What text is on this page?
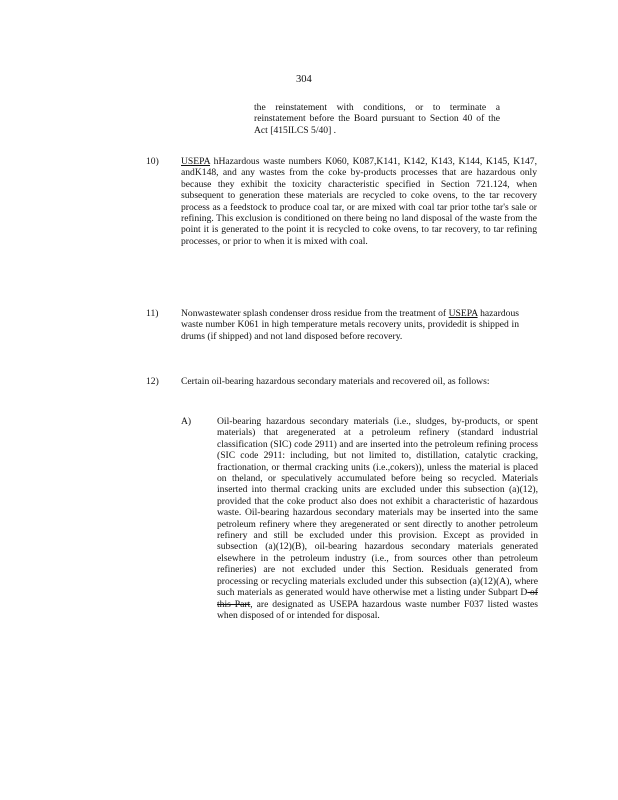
304

the reinstatement with conditions, or to terminate a reinstatement before the Board pursuant to Section 40 of the Act [415ILCS 5/40] .

10) USEPA hHazardous waste numbers K060, K087,K141, K142, K143, K144, K145, K147, andK148, and any wastes from the coke by-products processes that are hazardous only because they exhibit the toxicity characteristic specified in Section 721.124, when subsequent to generation these materials are recycled to coke ovens, to the tar recovery process as a feedstock to produce coal tar, or are mixed with coal tar prior tothe tar's sale or refining. This exclusion is conditioned on there being no land disposal of the waste from the point it is generated to the point it is recycled to coke ovens, to tar recovery, to tar refining processes, or prior to when it is mixed with coal.

11) Nonwastewater splash condenser dross residue from the treatment of USEPA hazardous waste number K061 in high temperature metals recovery units, providedit is shipped in drums (if shipped) and not land disposed before recovery.

12) Certain oil-bearing hazardous secondary materials and recovered oil, as follows:

A)	Oil-bearing hazardous secondary materials (i.e., sludges, by-products, or spent materials) that aregenerated at a petroleum refinery (standard industrial classification (SIC) code 2911) and are inserted into the petroleum refining process (SIC code 2911: including, but not limited to, distillation, catalytic cracking, fractionation, or thermal cracking units (i.e.,cokers)), unless the material is placed on theland, or speculatively accumulated before being so recycled. Materials inserted into thermal cracking units are excluded under this subsection (a)(12), provided that the coke product also does not exhibit a characteristic of hazardous waste. Oil-bearing hazardous secondary materials may be inserted into the same petroleum refinery where they aregenerated or sent directly to another petroleum refinery and still be excluded under this provision. Except as provided in subsection (a)(12)(B), oil-bearing hazardous secondary materials generated elsewhere in the petroleum industry (i.e., from sources other than petroleum refineries) are not excluded under this Section. Residuals generated from processing or recycling materials excluded under this subsection (a)(12)(A), where such materials as generated would have otherwise met a listing under Subpart D of this Part, are designated as USEPA hazardous waste number F037 listed wastes when disposed of or intended for disposal.
